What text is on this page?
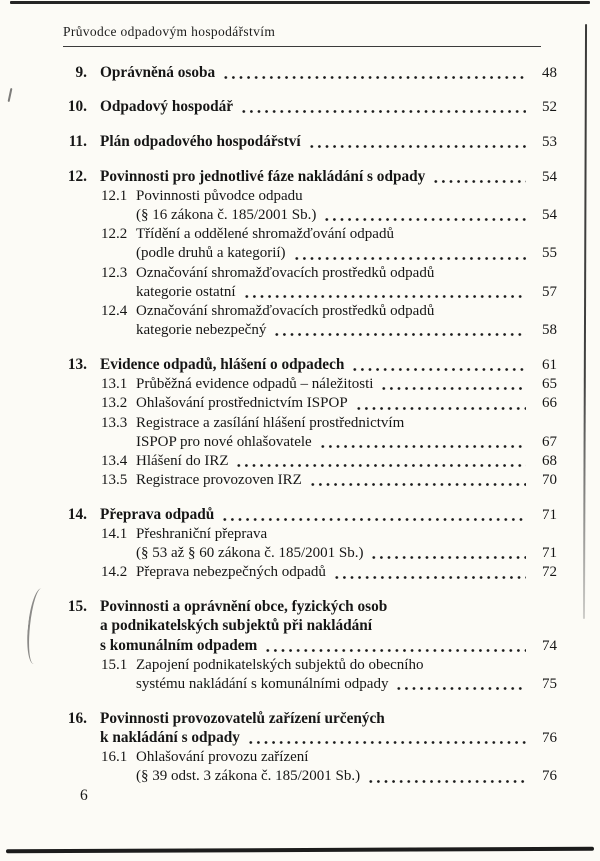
Průvodce odpadovým hospodářstvím
9. Oprávněná osoba	48
10. Odpadový hospodář	52
11. Plán odpadového hospodářství	53
12. Povinnosti pro jednotlivé fáze nakládání s odpady	54
12.1 Povinnosti původce odpadu
(§ 16 zákona č. 185/2001 Sb.)	54
12.2 Třídění a oddělené shromažďování odpadů
(podle druhů a kategorií)	55
12.3 Označování shromažďovacích prostředků odpadů
kategorie ostatní	57
12.4 Označování shromažďovacích prostředků odpadů
kategorie nebezpečný	58
13. Evidence odpadů, hlášení o odpadech	61
13.1 Průběžná evidence odpadů – náležitosti	65
13.2 Ohlašování prostřednictvím ISPOP	66
13.3 Registrace a zasílání hlášení prostřednictvím
ISPOP pro nové ohlašovatele	67
13.4 Hlášení do IRZ	68
13.5 Registrace provozoven IRZ	70
14. Přeprava odpadů	71
14.1 Přeshraniční přeprava
(§ 53 až § 60 zákona č. 185/2001 Sb.)	71
14.2 Přeprava nebezpečných odpadů	72
15. Povinnosti a oprávnění obce, fyzických osob
a podnikatelských subjektů při nakládání
s komunálním odpadem	74
15.1 Zapojení podnikatelských subjektů do obecního
systému nakládání s komunálními odpady	75
16. Povinnosti provozovatelů zařízení určených
k nakládání s odpady	76
16.1 Ohlašování provozu zařízení
(§ 39 odst. 3 zákona č. 185/2001 Sb.)	76
6
